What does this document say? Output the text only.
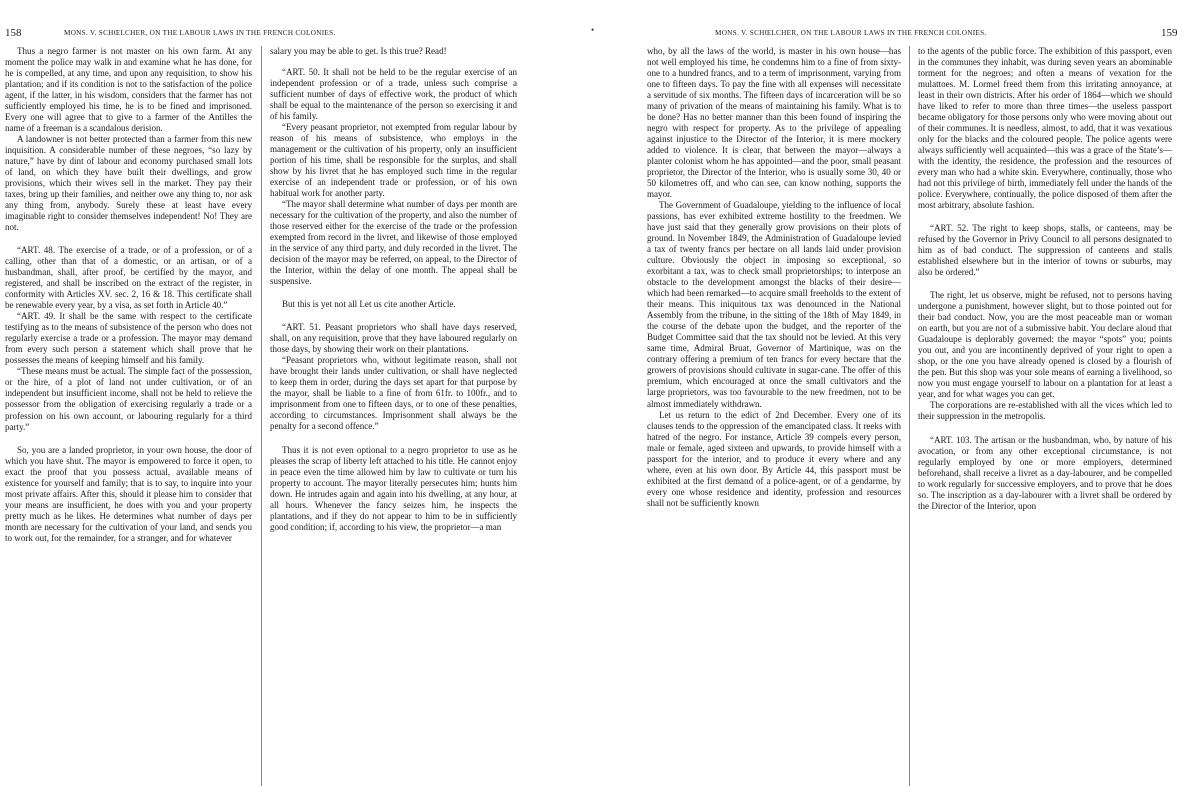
158	MONS. V. SCHŒLCHER, ON THE LABOUR LAWS IN THE FRENCH COLONIES.

Thus a negro farmer is not master on his own farm. At any moment the police may walk in and examine what he has done, for he is compelled, at any time, and upon any requisition, to show his plantation; and if its condition is not to the satisfaction of the police agent, if the latter, in his wisdom, considers that the farmer has not sufficiently employed his time, he is to be fined and imprisoned. Every one will agree that to give to a farmer of the Antilles the name of a freeman is a scandalous derision.

A landowner is not better protected than a farmer from this new inquisition. A considerable number of these negroes, “so lazy by nature,” have by dint of labour and economy purchased small lots of land, on which they have built their dwellings, and grow provisions, which their wives sell in the market. They pay their taxes, bring up their families, and neither owe any thing to, nor ask any thing from, anybody. Surely these at least have every imaginable right to consider themselves independent! No! They are not.

“ART. 48. The exercise of a trade, or of a profession, or of a calling, other than that of a domestic, or an artisan, or of a husbandman, shall, after proof, be certified by the mayor, and registered, and shall be inscribed on the extract of the register, in conformity with Articles XV. sec. 2, 16 & 18. This certificate shall be renewable every year, by a visa, as set forth in Article 40.”

“ART. 49. It shall be the same with respect to the certificate testifying as to the means of subsistence of the person who does not regularly exercise a trade or a profession. The mayor may demand from every such person a statement which shall prove that he possesses the means of keeping himself and his family.

“These means must be actual. The simple fact of the possession, or the hire, of a plot of land not under cultivation, or of an independent but insufficient income, shall not be held to relieve the possessor from the obligation of exercising regularly a trade or a profession on his own account, or labouring regularly for a third party.”

So, you are a landed proprietor, in your own house, the door of which you have shut. The mayor is empowered to force it open, to exact the proof that you possess actual, available means of existence for yourself and family; that is to say, to inquire into your most private affairs. After this, should it please him to consider that your means are insufficient, he does with you and your property pretty much as he likes. He determines what number of days per month are necessary for the cultivation of your land, and sends you to work out, for the remainder, for a stranger, and for whatever

salary you may be able to get. Is this true? Read!

“ART. 50. It shall not be held to be the regular exercise of an independent profession or of a trade, unless such comprise a sufficient number of days of effective work, the product of which shall be equal to the maintenance of the person so exercising it and of his family.

“Every peasant proprietor, not exempted from regular labour by reason of his means of subsistence, who employs in the management or the cultivation of his property, only an insufficient portion of his time, shall be responsible for the surplus, and shall show by his livret that he has employed such time in the regular exercise of an independent trade or profession, or of his own habitual work for another party.

“The mayor shall determine what number of days per month are necessary for the cultivation of the property, and also the number of those reserved either for the exercise of the trade or the profession exempted from record in the livret, and likewise of those employed in the service of any third party, and duly recorded in the livret. The decision of the mayor may be referred, on appeal, to the Director of the Interior, within the delay of one month. The appeal shall be suspensive.

But this is yet not all Let us cite another Article.

“ART. 51. Peasant proprietors who shall have days reserved, shall, on any requisition, prove that they have laboured regularly on those days, by showing their work on their plantations.

“Peasant proprietors who, without legitimate reason, shall not have brought their lands under cultivation, or shall have neglected to keep them in order, during the days set apart for that purpose by the mayor, shall be liable to a fine of from 61fr. to 100fr., and to imprisonment from one to fifteen days, or to one of these penalties, according to circumstances. Imprisonment shall always be the penalty for a second offence.”

Thus it is not even optional to a negro proprietor to use as he pleases the scrap of liberty left attached to his title. He cannot enjoy in peace even the time allowed him by law to cultivate or turn his property to account. The mayor literally persecutes him; hunts him down. He intrudes again and again into his dwelling, at any hour, at all hours. Whenever the fancy seizes him, he inspects the plantations, and if they do not appear to him to be in sufficiently good condition; if, according to his view, the proprietor—a man

•	MONS. V. SCHŒLCHER, ON THE LABOUR LAWS IN THE FRENCH COLONIES.	159

who, by all the laws of the world, is master in his own house—has not well employed his time, he condemns him to a fine of from sixty-one to a hundred francs, and to a term of imprisonment, varying from one to fifteen days. To pay the fine with all expenses will necessitate a servitude of six months. The fifteen days of incarceration will be so many of privation of the means of maintaining his family. What is to be done? Has no better manner than this been found of inspiring the negro with respect for property. As to the privilege of appealing against injustice to the Director of the Interior, it is mere mockery added to violence. It is clear, that between the mayor—always a planter colonist whom he has appointed—and the poor, small peasant proprietor, the Director of the Interior, who is usually some 30, 40 or 50 kilometres off, and who can see, can know nothing, supports the mayor.

The Government of Guadaloupe, yielding to the influence of local passions, has ever exhibited extreme hostility to the freedmen. We have just said that they generally grow provisions on their plots of ground. In November 1849, the Administration of Guadaloupe levied a tax of twenty francs per hectare on all lands laid under provision culture. Obviously the object in imposing so exceptional, so exorbitant a tax, was to check small proprietorships; to interpose an obstacle to the development amongst the blacks of their desire—which had been remarked—to acquire small freeholds to the extent of their means. This iniquitous tax was denounced in the National Assembly from the tribune, in the sitting of the 18th of May 1849, in the course of the debate upon the budget, and the reporter of the Budget Committee said that the tax should not be levied. At this very same time, Admiral Bruat, Governor of Martinique, was on the contrary offering a premium of ten francs for every hectare that the growers of provisions should cultivate in sugar-cane. The offer of this premium, which encouraged at once the small cultivators and the large proprietors, was too favourable to the new freedmen, not to be almost immediately withdrawn.

Let us return to the edict of 2nd December. Every one of its clauses tends to the oppression of the emancipated class. It reeks with hatred of the negro. For instance, Article 39 compels every person, male or female, aged sixteen and upwards, to provide himself with a passport for the interior, and to produce it every where and any where, even at his own door. By Article 44, this passport must be exhibited at the first demand of a police-agent, or of a gendarme, by every one whose residence and identity, profession and resources shall not be sufficiently known

to the agents of the public force. The exhibition of this passport, even in the communes they inhabit, was during seven years an abominable torment for the negroes; and often a means of vexation for the mulattoes. M. Lormel freed them from this irritating annoyance, at least in their own districts. After his order of 1864—which we should have liked to refer to more than three times—the useless passport became obligatory for those persons only who were moving about out of their communes. It is needless, almost, to add, that it was vexatious only for the blacks and the coloured people. The police agents were always sufficiently well acquainted—this was a grace of the State’s—with the identity, the residence, the profession and the resources of every man who had a white skin. Everywhere, continually, those who had not this privilege of birth, immediately fell under the hands of the police. Everywhere, continually, the police disposed of them after the most arbitrary, absolute fashion.

“ART. 52. The right to keep shops, stalls, or canteens, may be refused by the Governor in Privy Council to all persons designated to him as of bad conduct. The suppression of canteens and stalls established elsewhere but in the interior of towns or suburbs, may also be ordered.”

The right, let us observe, might be refused, not to persons having undergone a punishment, however slight, but to those pointed out for their bad conduct. Now, you are the most peaceable man or woman on earth, but you are not of a submissive habit. You declare aloud that Guadaloupe is deplorably governed: the mayor “spots” you; points you out, and you are incontinently deprived of your right to open a shop, or the one you have already opened is closed by a flourish of the pen. But this shop was your sole means of earning a livelihood, so now you must engage yourself to labour on a plantation for at least a year, and for what wages you can get.

The corporations are re-established with all the vices which led to their suppression in the metropolis.

“ART. 103. The artisan or the husbandman, who, by nature of his avocation, or from any other exceptional circumstance, is not regularly employed by one or more employers, determined beforehand, shall receive a livret as a day-labourer, and be compelled to work regularly for successive employers, and to prove that he does so. The inscription as a day-labourer with a livret shall be ordered by the Director of the Interior, upon
